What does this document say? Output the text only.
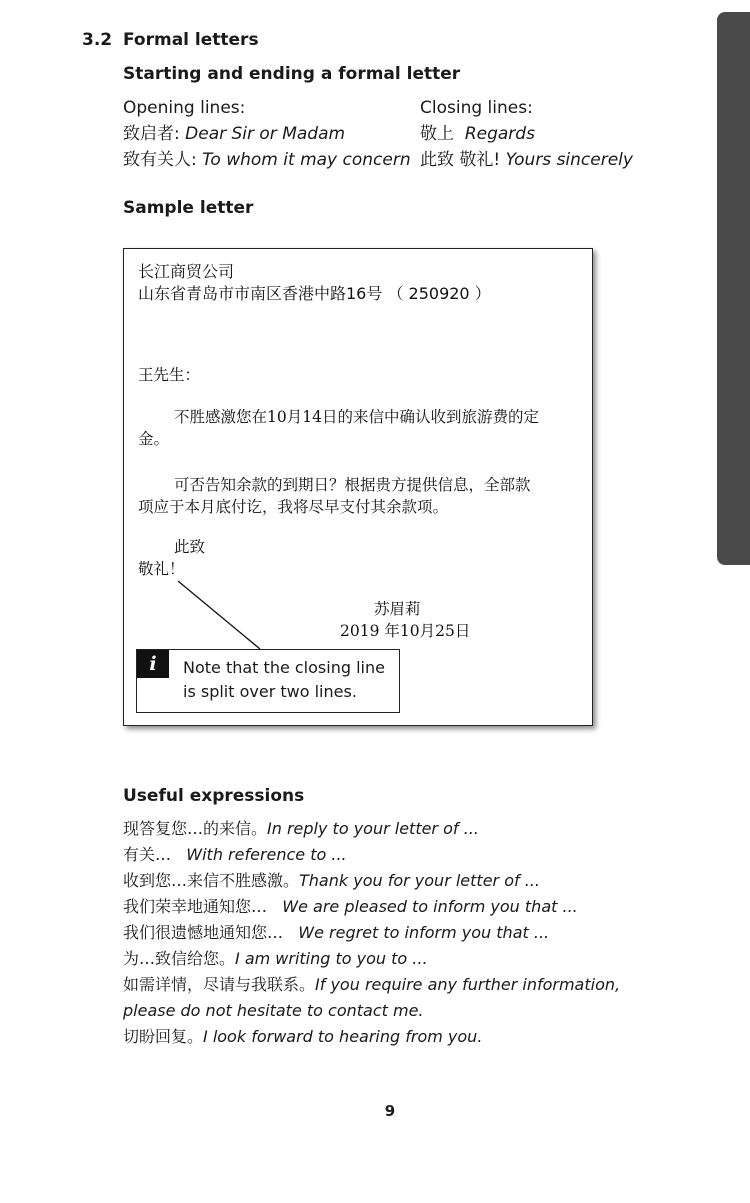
3.2 Formal letters
Starting and ending a formal letter
Opening lines:
致启者: Dear Sir or Madam
致有关人: To whom it may concern
Closing lines:
敬上 Regards
此致 敬礼! Yours sincerely
Sample letter
长江商贸公司
山东省青岛市市南区香港中路16号 （ 250920 ）
王先生：
不胜感激您在10月14日的来信中确认收到旅游费的定
金。
可否告知余款的到期日？根据贵方提供信息，全部款
项应于本月底付讫，我将尽早支付其余款项。
此致
敬礼！
苏眉莉
2019 年10月25日
i	Note that the closing line
is split over two lines.
Useful expressions
现答复您…的来信。In reply to your letter of ...
有关… With reference to ...
收到您…来信不胜感激。Thank you for your letter of ...
我们荣幸地通知您… We are pleased to inform you that ...
我们很遗憾地通知您… We regret to inform you that ...
为…致信给您。I am writing to you to ...
如需详情，尽请与我联系。If you require any further information,
please do not hesitate to contact me.
切盼回复。I look forward to hearing from you.
9
